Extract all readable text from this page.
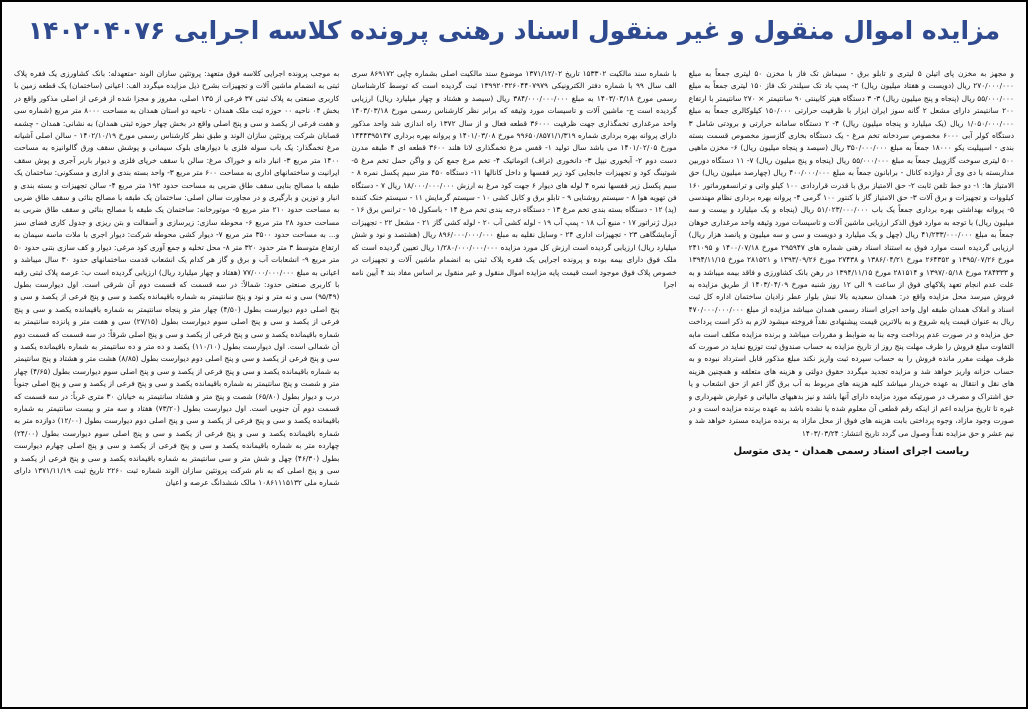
مزایده اموال منقول و غیر منقول اسناد رهنی پرونده کلاسه اجرایی ۱۴۰۲۰۴۰۷۶

به موجب پرونده اجرایی کلاسه فوق متعهد: پروتئین سازان الوند -متعهدله: بانک کشاورزی یک فقره پلاک ثبتی به انضمام ماشین آلات و تجهیزات بشرح ذیل مزایده میگردد الف: اعیانی (ساختمان) یک قطعه زمین با کاربری صنعتی به پلاک ثبتی ۳۷ فرعی از ۱۳۵ اصلی، مفروز و مجزا شده از فرعی از اصلی مذکور واقع در بخش ۰۴ ناحیه ۰۰ حوزه ثبت ملک همدان - ناحیه دو استان همدان به مساحت ۸۰۰۰ متر مربع (شماره سی و هفت فرعی از یکصد و سی و پنج اصلی واقع در بخش چهار حوزه ثبتی همدان) به نشانی: همدان - چشمه قصابان شرکت پروتئین سازان الوند و طبق نظر کارشناس رسمی مورخ ۱۴۰۲/۱۰/۱۹ - سالن اصلی آشیانه مرغ تخمگذار: یک باب سوله فلزی با دیوارهای بلوک سیمانی و پوشش سقف ورق گالوانیزه به مساحت ۱۴۰۰ متر مربع ۳- انبار دانه و خوراک مرغ: سالن با سقف خرپای فلزی و دیوار باربر آجری و پوش سقف ایرانیت و ساختمانهای اداری به مساحت ۶۰۰ متر مربع ۳- واحد بسته بندی و اداری و مسکونی: ساختمان یک طبقه با مصالح بنایی سقف طاق ضربی به مساحت حدود ۱۹۲ متر مربع ۴- سالن تجهیزات و بسته بندی و انبار و توزین و بارگیری و در مجاورت سالن اصلی: ساختمان یک طبقه با مصالح بنائی و سقف طاق ضربی به مساحت حدود ۲۱۰ متر مربع ۵- موتورخانه: ساختمان یک طبقه با مصالح بنائی و سقف طاق ضربی به مساحت حدود ۲۸ متر مربع ۶- محوطه سازی: زیرسازی و آسفالت و بتن ریزی و جدول کاری فضای سبز و... به مساحت حدود ۳۵۰۰ متر مربع ۷- دیوار کشی محوطه شرکت: دیوار اجری با ملات ماسه سیمان به ارتفاع متوسط ۳ متر حدود ۳۲۰ متر ۸- محل تخلیه و جمع آوری کود مرغی: دیوار و کف سازی بتنی حدود ۵۰ متر مربع ۹- انشعابات آب و برق و گاز هر کدام یک انشعاب قدمت ساختمانهای حدود ۳۰ سال میباشد و اعیانی به مبلغ ۷۷/۰۰۰/۰۰۰/۰۰۰ (هفتاد و چهار میلیارد ریال) ارزیابی گردیده است ب: عرصه پلاک ثبتی رقبه با کاربری صنعتی حدود: شمالاً: در سه قسمت که قسمت دوم آن شرقی است. اول دیوارست بطول (۹۵/۴۹) سی و نه متر و نود و پنج سانتیمتر به شماره باقیمانده یکصد و سی و پنج فرعی از یکصد و سی و پنج اصلی دوم دیوارست بطول (۴/۵۰) چهار متر و پنجاه سانتیمتر به شماره باقیمانده یکصد و سی و پنج فرعی از یکصد و سی و پنج اصلی سوم دیوارست بطول (۲۷/۱۵) سی و هفت متر و پانزده سانتیمتر به شماره باقیمانده یکصد و سی و پنج فرعی از یکصد و سی و پنج اصلی شرقاً: در سه قسمت که قسمت دوم آن شمالی است. اول دیوارست بطول (۱۱۰/۱۰) یکصد و ده متر و ده سانتیمتر به شماره باقیمانده یکصد و سی و پنج فرعی از یکصد و سی و پنج اصلی دوم دیوارست بطول (۸/۸۵) هشت متر و هشتاد و پنج سانتیمتر به شماره باقیمانده یکصد و سی و پنج فرعی از یکصد و سی و پنج اصلی سوم دیوارست بطول (۴/۶۵) چهار متر و شصت و پنج سانتیمتر به شماره باقیمانده یکصد و سی و پنج فرعی از یکصد و سی و پنج اصلی جنوباً درب و دیوار بطول (۶۵/۸۰) شصت و پنج متر و هشتاد سانتیمتر به خیابان ۳۰ متری غرباً: در سه قسمت که قسمت دوم آن جنوبی است. اول دیوارست بطول (۷۳/۲۰) هفتاد و سه متر و بیست سانتیمتر به شماره باقیمانده یکصد و سی و پنج فرعی از یکصد و سی و پنج اصلی دوم دیوارست بطول (۱۲/۰۰) دوازده متر به شماره باقیمانده یکصد و سی و پنج فرعی از یکصد و سی و پنج اصلی سوم دیوارست بطول (۲۴/۰۰) چهارده متر به شماره باقیمانده یکصد و سی و پنج فرعی از یکصد و سی و پنج اصلی چهارم دیوارست بطول (۴۶/۳۰) چهل و شش متر و سی سانتیمتر به شماره باقیمانده یکصد و سی و پنج فرعی از یکصد و سی و پنج اصلی که به نام شرکت پروتئین سازان الوند شماره ثبت ۲۲۶۰ تاریخ ثبت ۱۳۷۱/۱۱/۱۹ دارای شماره ملی ۱۰۸۶۱۱۱۵۱۳۲ مالک ششدانگ عرصه و اعیان

با شماره سند مالکیت ۱۵۳۳۰۲ تاریخ ۱۳۷۱/۱۲/۰۲ موضوع سند مالکیت اصلی بشماره چاپی ۸۶۹۱۷۲ سری الف سال ۹۹ با شماره دفتر الکترونیکی ۱۳۹۹۲۰۳۲۶۰۴۴۰۷۹۷۹ ثبت گردیده است که توسط کارشناسان رسمی مورخ ۱۴۰۳/۰۳/۱۸ به مبلغ ۳۸۴/۰۰۰/۰۰۰/۰۰۰ ریال (سیصد و هشتاد و چهار میلیارد ریال) ارزیابی گردیده است ج- ماشین آلات و تاسیسات مورد وثیقه که برابر نظر کارشناس رسمی مورخ ۱۴۰۳/۰۳/۱۸ واحد مرغداری تخمگذاری جهت ظرفیت ۳۶۰۰۰ قطعه فعال و از سال ۱۳۷۲ راه اندازی شد واحد مذکور دارای پروانه بهره برداری شماره ۹۹۶۵۰/۸۵۷۱/۱/۳۱۹ مورخ ۱۴۰۱/۰۳/۰۸ و پروانه بهره برداری ۱۴۴۴۳۹۵۱۴۷ مورخ ۱۴۰۱/۰۲/۰۵ می باشد سال تولید ۱- قفس مرغ تخمگذاری لانا هلند ۳۶۰۰ قطعه ای ۴ طبقه مدرن دست دوم ۲- آبخوری نیپل ۳- دانخوری (تراف) اتوماتیک ۴- تخم مرغ جمع کن و واگن حمل تخم مرغ ۵- شوتینگ کود و تجهیزات جابجایی کود زیر قفسها و داخل کانالها ۱۱- دستگاه ۴۵۰ متر سیم پکسل نمره ۸ - سیم پکسل زیر قفسها نمره ۴ لوله های دیوار ۶ جهت کود مرغ به ارزش ۱۸/۰۰۰/۰۰۰/۰۰۰ ریال ۷ - دستگاه فن تهویه هوا ۸ - سیستم روشنایی ۹ - تابلو برق و کابل کشی ۱۰ - سیستم گرمایش ۱۱ - سیستم خنک کننده (پد) ۱۲ - دستگاه بسته بندی تخم مرغ ۱۳ - دستگاه درجه بندی تخم مرغ ۱۴ - باسکول ۱۵ - ترانس برق ۱۶ - دیزل ژنراتور ۱۷ - منبع آب ۱۸ - پمپ آب ۱۹ - لوله کشی آب ۲۰ - لوله کشی گاز ۲۱ - مشعل ۲۲ - تجهیزات آزمایشگاهی ۲۳ - تجهیزات اداری ۲۴ - وسایل نقلیه به مبلغ ۸۹۶/۰۰۰/۰۰۰/۰۰۰ ریال (هشتصد و نود و شش میلیارد ریال) ارزیابی گردیده است ارزش کل مورد مزایده ۱/۲۸۰/۰۰۰/۰۰۰/۰۰۰ ریال تعیین گردیده است که ملک فوق دارای بیمه بوده و پرونده اجرایی یک فقره پلاک ثبتی به انضمام ماشین آلات و تجهیزات در خصوص پلاک فوق موجود است قیمت پایه مزایده اموال منقول و غیر منقول بر اساس مفاد بند ۴ آیین نامه اجرا

و مجهز به مخزن پای اتیلن ۵ لیتری و تابلو برق - سیماش تک فاز با مخزن ۵۰ لیتری جمعاً به مبلغ ۲۷۰/۰۰۰/۰۰۰ ریال (دویست و هفتاد میلیون ریال) ۲- پمپ باد تک سیلندر تک فاز ۱۵۰ لیتری جمعاً به مبلغ ۵۵/۰۰۰/۰۰۰ ریال (پنجاه و پنج میلیون ریال) ۳- ۳ دستگاه هیتر کابینتی ۹۰ سانتیمتر × ۲۷۰ سانتیمتر با ارتفاع ۲۰۰ سانتیمتر دارای مشعل ۲ گانه سوز ایران ایزار با ظرفیت حرارتی ۱۵۰/۰۰۰ کیلوکالری جمعاً به مبلغ ۱/۰۵۰/۰۰۰/۰۰۰ ریال (یک میلیارد و پنجاه میلیون ریال) ۴- ۲ دستگاه سامانه حرارتی و برودتی شامل ۳ دستگاه کولر آبی ۶۰۰۰ مخصوص سردخانه تخم مرغ - یک دستگاه بخاری گازسوز مخصوص قسمت بسته بندی - اسپیلیت یکو ۱۸۰۰۰ جمعاً به مبلغ ۳۵۰/۰۰۰/۰۰۰ ریال (سیصد و پنجاه میلیون ریال) ۶- مخزن ماهیی ۵۰۰ لیتری سوخت گازوییل جمعاً به مبلغ ۵۵/۰۰۰/۰۰۰ ریال (پنجاه و پنج میلیون ریال) ۷- ۱۱ دستگاه دوربین مداربسته با دی وی آر دوازده کانال - برابانون جمعاً به مبلغ ۴۰۰/۰۰۰/۰۰۰ ریال (چهارصد میلیون ریال) حق الامتیاز ها: ۱- دو خط تلفن ثابت ۲- حق الامتیاز برق با قدرت قراردادی ۱۰۰ کیلو واتی و ترانسفورماتور ۱۶۰ کیلووات و تجهیزات و برق آلات ۳- حق الامتیاز گاز با کنتور ۱۰۰ گرمی ۴- پروانه بهره برداری نظام مهندسی ۵- پروانه بهداشتی بهره برداری جمعاً یک باب ۵۱/۰۲۳/۰۰۰/۰۰۰ ریال (پنجاه و یک میلیارد و بیست و سه میلیون ریال) با توجه به موارد فوق الذکر ارزیابی ماشین آلات و تاسیسات مورد وثیقه واحد مرغداری خوهان جمعاً به مبلغ ۴۱/۲۳۳/۰۰۰/۰۰۰ ریال (چهل و یک میلیارد و دویست و سی و سه میلیون و پانصد هزار ریال) ارزیابی گردیده است موارد فوق به استناد اسناد رهنی شماره های ۲۹۵۹۴۷ مورخ ۱۴۰۰/۰۷/۱۸ و ۲۴۱۰۹۵ مورخ ۱۳۹۵/۰۷/۲۶ و ۲۶۴۳۵۲ مورخ ۱۳۸۶/۰۴/۲۱ و ۲۷۴۳۸ مورخ ۱۳۹۳/۰۹/۲۶ و ۲۸۱۵۲۱ مورخ ۱۳۹۴/۱۱/۱۵ و ۲۸۴۳۳۳ مورخ ۱۳۹۷/۰۵/۱۸ و ۲۸۱۵۱۴ مورخ ۱۳۹۴/۱۱/۱۵ در رهن بانک کشاورزی و فاقد بیمه میباشد و به علت عدم انجام تعهد پلاکهای فوق از ساعت ۹ الی ۱۲ روز شنبه مورخ ۱۴۰۳/۰۴/۰۹ از طریق مزایده به فروش میرسد محل مزایده واقع در: همدان سعیدیه بالا نبش بلوار عطر زادیان ساختمان اداره کل ثبت اسناد و املاک همدان طبقه اول واحد اجرای اسناد رسمی همدان میباشد مزایده از مبلغ ۴۷۰/۰۰۰/۰۰۰/۰۰۰ ریال به عنوان قیمت پایه شروع و به بالاترین قیمت پیشنهادی نقداً فروخته میشود لازم به ذکر است پرداخت حق مزایده و در صورت عدم پرداخت وجه بنا به ضوابط و مقررات میباشد و برنده مزایده مکلف است مابه التفاوت مبلغ فروش را ظرف مهلت پنج روز از تاریخ مزایده به حساب صندوق ثبت توزیع نماید در صورت که ظرف مهلت مقرر مانده فروش را به حساب سپرده ثبت واریز نکند مبلغ مذکور قابل استرداد نبوده و به حساب خزانه واریز خواهد شد و مزایده تجدید میگردد حقوق دولتی و هزینه های متعلقه و همچنین هزینه های نقل و انتقال به عهده خریدار میباشد کلیه هزینه های مربوط به آب برق گاز اعم از حق انشعاب و یا حق اشتراک و مصرف در صورتیکه مورد مزایده دارای آنها باشد و نیز بدهیهای مالیاتی و عوارض شهرداری و غیره تا تاریخ مزایده اعم از اینکه رقم قطعی آن معلوم شده یا نشده باشد به عهده برنده مزایده است و در صورت وجود مازاد، وجوه پرداختی بابت هزینه های فوق از محل مازاد به برنده مزایده مسترد خواهد شد و نیم عشر و حق مزایده نقداً وصول می گردد تاریخ انتشار: ۱۴۰۳/۰۳/۲۴

ریاست اجرای اسناد رسمی همدان - یدی متوسل
